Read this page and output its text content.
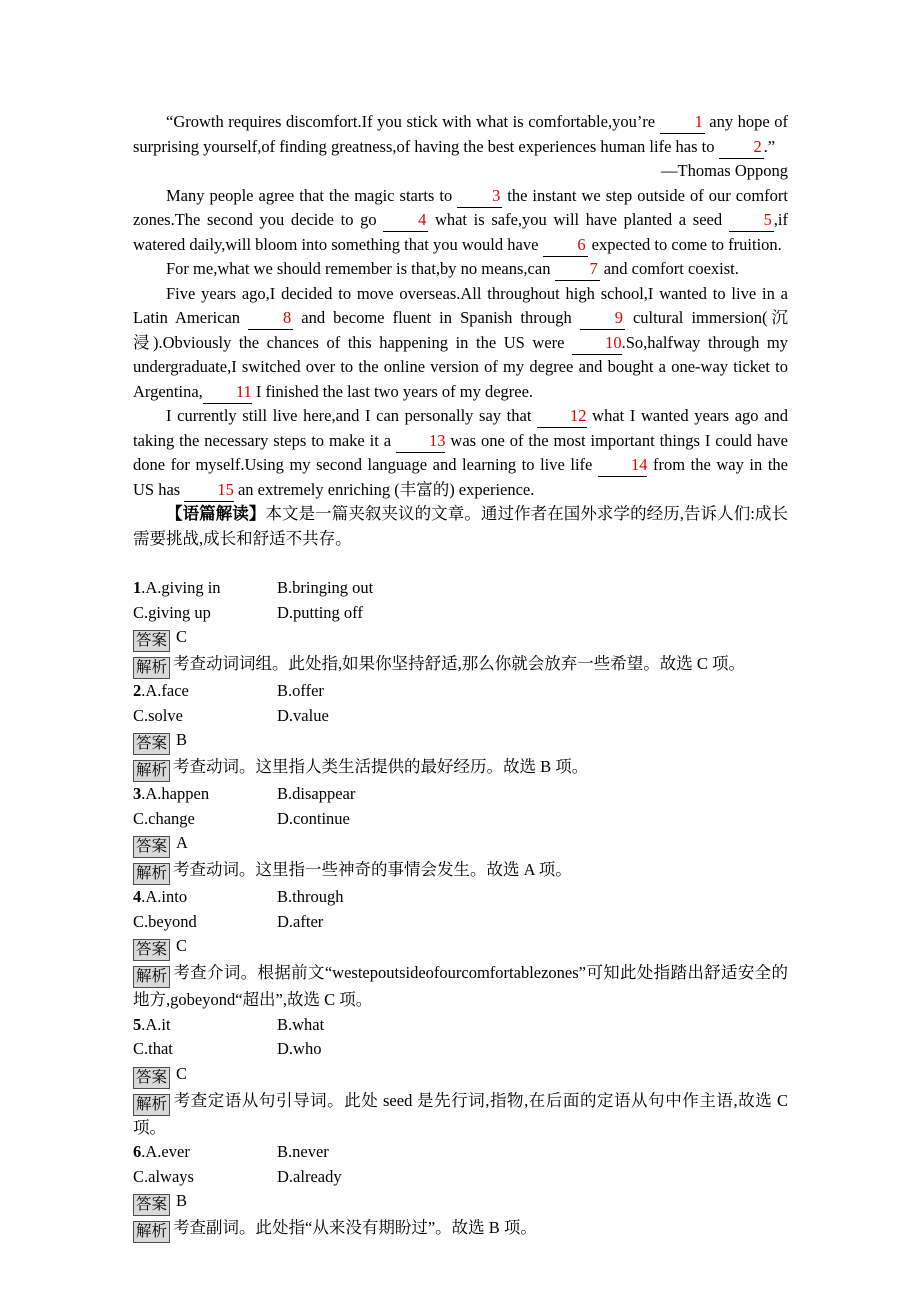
“Growth requires discomfort.If you stick with what is comfortable,you’re 1 any hope of surprising yourself,of finding greatness,of having the best experiences human life has to 2 .”

—Thomas Oppong

Many people agree that the magic starts to 3 the instant we step outside of our comfort zones.The second you decide to go 4 what is safe,you will have planted a seed 5 ,if watered daily,will bloom into something that you would have 6 expected to come to fruition.

For me,what we should remember is that,by no means,can 7 and comfort coexist.

Five years ago,I decided to move overseas.All throughout high school,I wanted to live in a Latin American 8 and become fluent in Spanish through 9 cultural immersion(沉浸).Obviously the chances of this happening in the US were 10.So,halfway through my undergraduate,I switched over to the online version of my degree and bought a one-way ticket to Argentina, 11 I finished the last two years of my degree.

I currently still live here,and I can personally say that 12 what I wanted years ago and taking the necessary steps to make it a 13 was one of the most important things I could have done for myself.Using my second language and learning to live life 14 from the way in the US has 15 an extremely enriching (丰富的) experience.

【语篇解读】本文是一篇夹叙夹议的文章。通过作者在国外求学的经历,告诉人们:成长需要挑战,成长和舒适不共存。

1.A.giving in	B.bringing out
C.giving up	D.putting off

答案 C

解析 考查动词词组。此处指,如果你坚持舒适,那么你就会放弃一些希望。故选 C 项。

2.A.face	B.offer
C.solve	D.value

答案 B

解析 考查动词。这里指人类生活提供的最好经历。故选 B 项。

3.A.happen	B.disappear
C.change	D.continue

答案 A

解析 考查动词。这里指一些神奇的事情会发生。故选 A 项。

4.A.into	B.through
C.beyond	D.after

答案 C

解析 考查介词。根据前文“westepoutsideofourcomfortablezones”可知此处指踏出舒适安全的地方,gobeyond“超出”,故选 C 项。

5.A.it	B.what
C.that	D.who

答案 C

解析 考查定语从句引导词。此处 seed 是先行词,指物,在后面的定语从句中作主语,故选 C 项。

6.A.ever	B.never
C.always	D.already

答案 B

解析 考查副词。此处指“从来没有期盼过”。故选 B 项。
